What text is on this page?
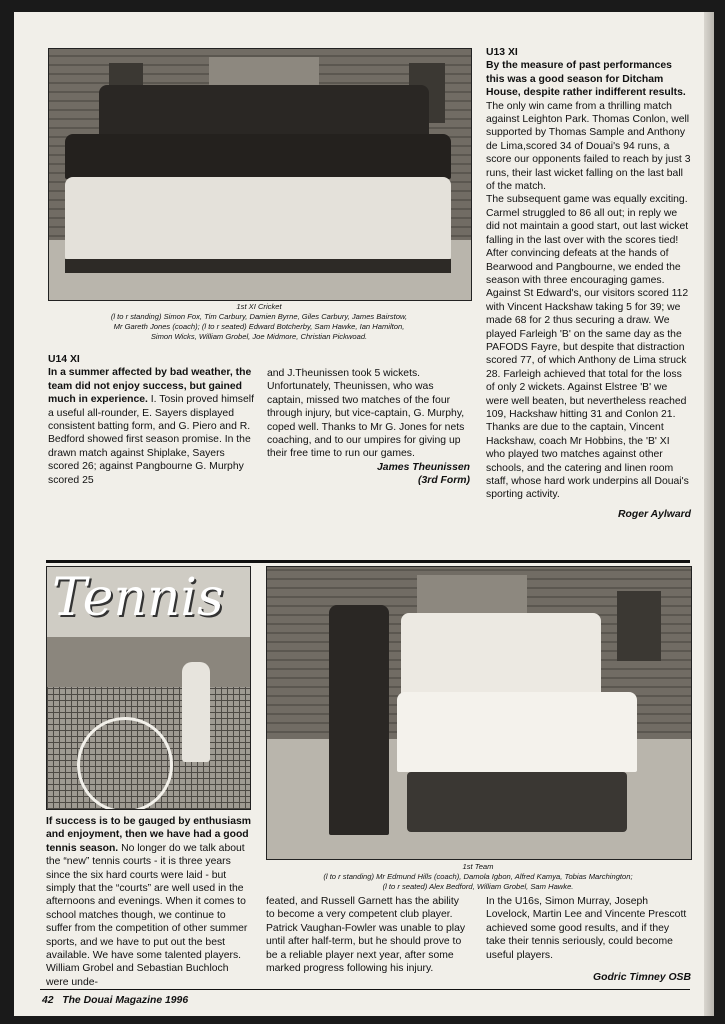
1st XI Cricket
(l to r standing) Simon Fox, Tim Carbury, Damien Byrne, Giles Carbury, James Bairstow,
Mr Gareth Jones (coach); (l to r seated) Edward Botcherby, Sam Hawke, Ian Hamilton,
Simon Wicks, William Grobel, Joe Midmore, Christian Pickwoad.

U13 XI

By the measure of past performances this was a good season for Ditcham House, despite rather indifferent results. The only win came from a thrilling match against Leighton Park. Thomas Conlon, well supported by Thomas Sample and Anthony de Lima,scored 34 of Douai's 94 runs, a score our opponents failed to reach by just 3 runs, their last wicket falling on the last ball of the match.

The subsequent game was equally exciting. Carmel struggled to 86 all out; in reply we did not maintain a good start, out last wicket falling in the last over with the scores tied!

After convincing defeats at the hands of Bearwood and Pangbourne, we ended the season with three encouraging games. Against St Edward's, our visitors scored 112 with Vincent Hackshaw taking 5 for 39; we made 68 for 2 thus securing a draw. We played Farleigh 'B' on the same day as the PAFODS Fayre, but despite that distraction scored 77, of which Anthony de Lima struck 28. Farleigh achieved that total for the loss of only 2 wickets. Against Elstree 'B' we were well beaten, but nevertheless reached 109, Hackshaw hitting 31 and Conlon 21. Thanks are due to the captain, Vincent Hackshaw, coach Mr Hobbins, the 'B' XI who played two matches against other schools, and the catering and linen room staff, whose hard work underpins all Douai's sporting activity.

Roger Aylward

U14 XI

In a summer affected by bad weather, the team did not enjoy success, but gained much in experience. I. Tosin proved himself a useful all-rounder, E. Sayers displayed consistent batting form, and G. Piero and R. Bedford showed first season promise. In the drawn match against Shiplake, Sayers scored 26; against Pangbourne G. Murphy scored 25

and J.Theunissen took 5 wickets. Unfortunately, Theunissen, who was captain, missed two matches of the four through injury, but vice-captain, G. Murphy, coped well. Thanks to Mr G. Jones for nets coaching, and to our umpires for giving up their free time to run our games.

James Theunissen

(3rd Form)

Tennis
1st Team
(l to r standing) Mr Edmund Hills (coach), Damola Igbon, Alfred Kamya, Tobias Marchington;
(l to r seated) Alex Bedford, William Grobel, Sam Hawke.

If success is to be gauged by enthusiasm and enjoyment, then we have had a good tennis season. No longer do we talk about the “new” tennis courts - it is three years since the six hard courts were laid - but simply that the “courts” are well used in the afternoons and evenings. When it comes to school matches though, we continue to suffer from the competition of other summer sports, and we have to put out the best available. We have some talented players. William Grobel and Sebastian Buchloch were unde-

feated, and Russell Garnett has the ability to become a very competent club player. Patrick Vaughan-Fowler was unable to play until after half-term, but he should prove to be a reliable player next year, after some marked progress following his injury.

In the U16s, Simon Murray, Joseph Lovelock, Martin Lee and Vincente Prescott achieved some good results, and if they take their tennis seriously, could become useful players.

Godric Timney OSB

42 The Douai Magazine 1996
